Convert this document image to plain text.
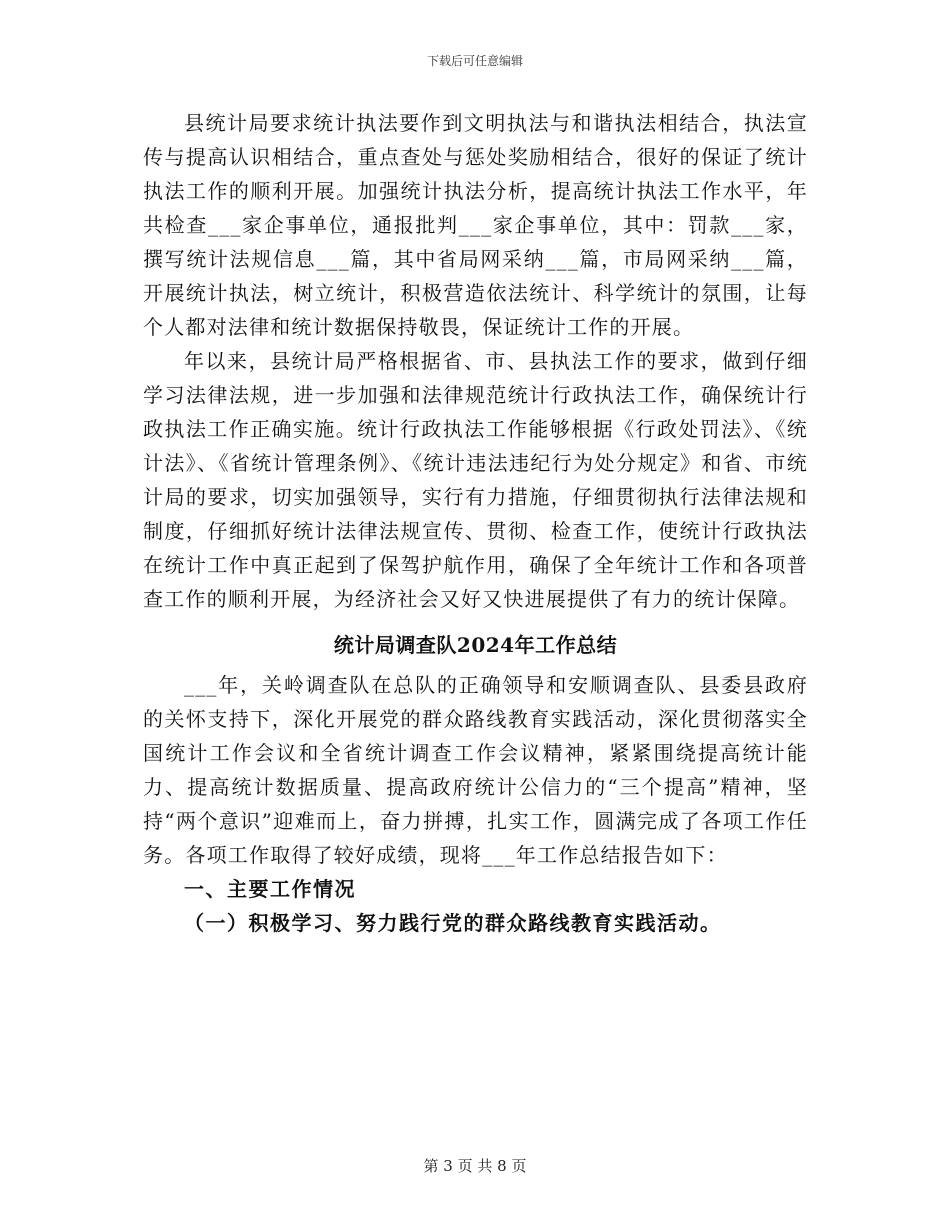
下载后可任意编辑

县统计局要求统计执法要作到文明执法与和谐执法相结合，执法宣传与提高认识相结合，重点查处与惩处奖励相结合，很好的保证了统计执法工作的顺利开展。加强统计执法分析，提高统计执法工作水平，年共检查___家企事单位，通报批判___家企事单位，其中：罚款___家，撰写统计法规信息___篇，其中省局网采纳___篇，市局网采纳___篇，开展统计执法，树立统计，积极营造依法统计、科学统计的氛围，让每个人都对法律和统计数据保持敬畏，保证统计工作的开展。

年以来，县统计局严格根据省、市、县执法工作的要求，做到仔细学习法律法规，进一步加强和法律规范统计行政执法工作，确保统计行政执法工作正确实施。统计行政执法工作能够根据《行政处罚法》、《统计法》、《省统计管理条例》、《统计违法违纪行为处分规定》和省、市统计局的要求，切实加强领导，实行有力措施，仔细贯彻执行法律法规和制度，仔细抓好统计法律法规宣传、贯彻、检查工作，使统计行政执法在统计工作中真正起到了保驾护航作用，确保了全年统计工作和各项普查工作的顺利开展，为经济社会又好又快进展提供了有力的统计保障。

统计局调查队2024年工作总结

___年，关岭调查队在总队的正确领导和安顺调查队、县委县政府的关怀支持下，深化开展党的群众路线教育实践活动，深化贯彻落实全国统计工作会议和全省统计调查工作会议精神，紧紧围绕提高统计能力、提高统计数据质量、提高政府统计公信力的“三个提高”精神，坚持“两个意识”迎难而上，奋力拼搏，扎实工作，圆满完成了各项工作任务。各项工作取得了较好成绩，现将___年工作总结报告如下：

一、主要工作情况
（一）积极学习、努力践行党的群众路线教育实践活动。
第 3 页 共 8 页
